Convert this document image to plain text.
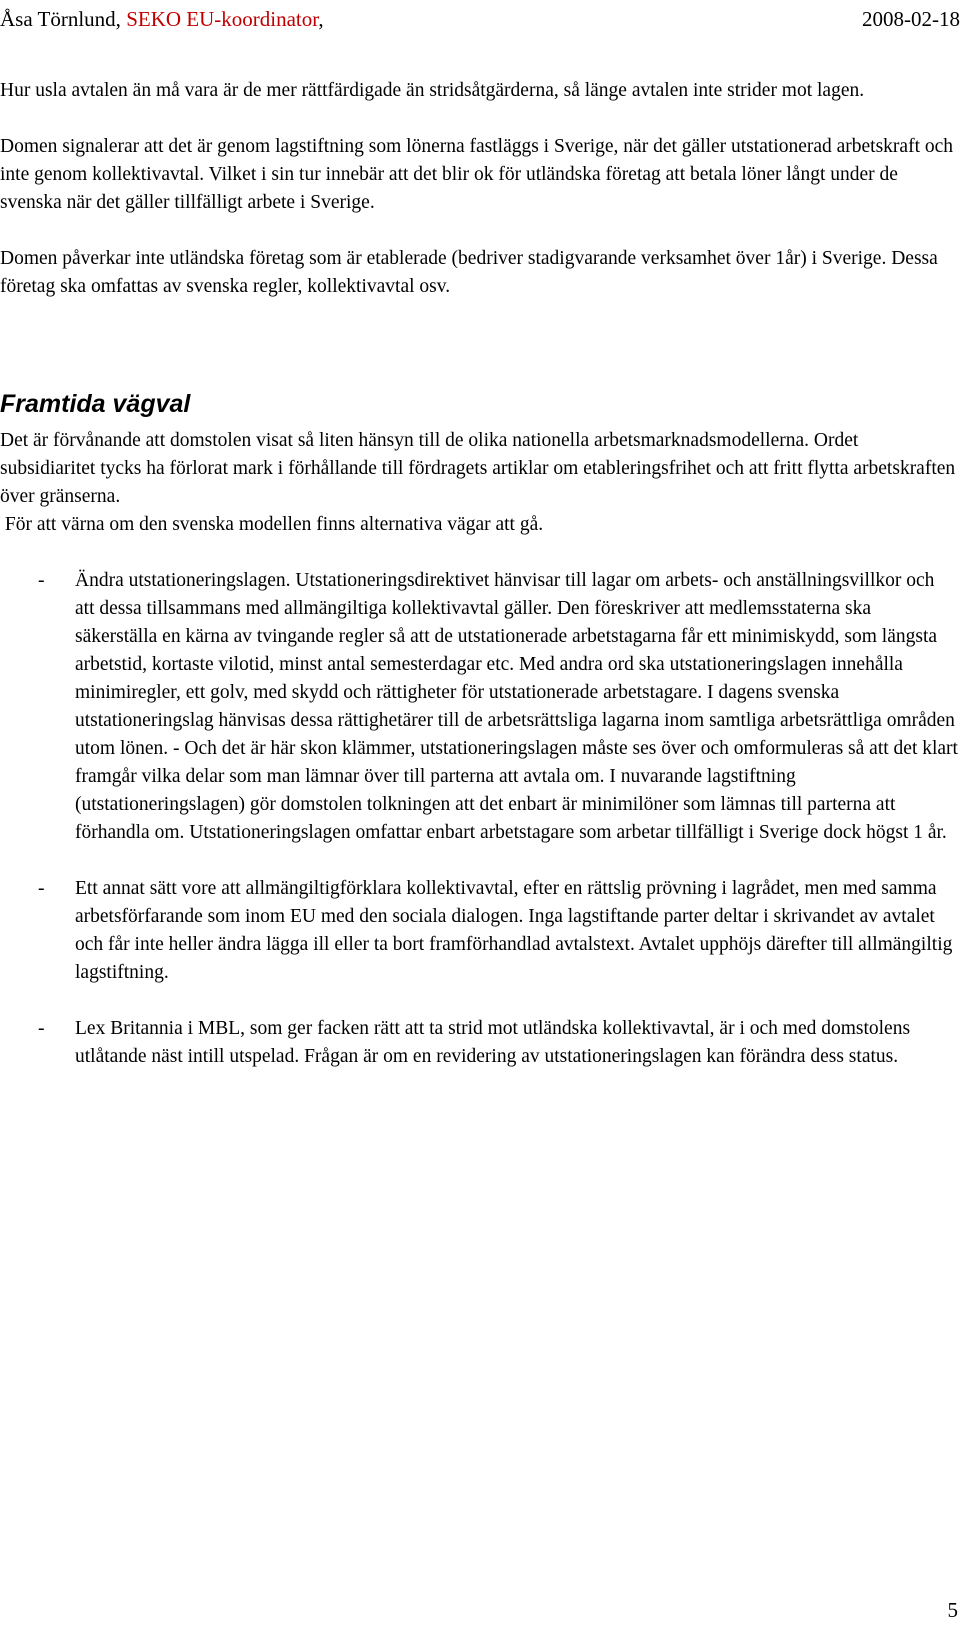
Åsa Törnlund, SEKO EU-koordinator,	2008-02-18

Hur usla avtalen än må vara är de mer rättfärdigade än stridsåtgärderna, så länge avtalen inte strider mot lagen.

Domen signalerar att det är genom lagstiftning som lönerna fastläggs i Sverige, när det gäller utstationerad arbetskraft och inte genom kollektivavtal. Vilket i sin tur innebär att det blir ok för utländska företag att betala löner långt under de svenska när det gäller tillfälligt arbete i Sverige.

Domen påverkar inte utländska företag som är etablerade (bedriver stadigvarande verksamhet över 1år) i Sverige. Dessa företag ska omfattas av svenska regler, kollektivavtal osv.

Framtida vägval

Det är förvånande att domstolen visat så liten hänsyn till de olika nationella arbetsmarknadsmodellerna. Ordet subsidiaritet tycks ha förlorat mark i förhållande till fördragets artiklar om etableringsfrihet och att fritt flytta arbetskraften över gränserna.

För att värna om den svenska modellen finns alternativa vägar att gå.

-	Ändra utstationeringslagen. Utstationeringsdirektivet hänvisar till lagar om arbets- och anställningsvillkor och att dessa tillsammans med allmängiltiga kollektivavtal gäller. Den föreskriver att medlemsstaterna ska säkerställa en kärna av tvingande regler så att de utstationerade arbetstagarna får ett minimiskydd, som längsta arbetstid, kortaste vilotid, minst antal semesterdagar etc. Med andra ord ska utstationeringslagen innehålla minimiregler, ett golv, med skydd och rättigheter för utstationerade arbetstagare. I dagens svenska utstationeringslag hänvisas dessa rättighetärer till de arbetsrättsliga lagarna inom samtliga arbetsrättliga områden utom lönen. - Och det är här skon klämmer, utstationeringslagen måste ses över och omformuleras så att det klart framgår vilka delar som man lämnar över till parterna att avtala om. I nuvarande lagstiftning (utstationeringslagen) gör domstolen tolkningen att det enbart är minimilöner som lämnas till parterna att förhandla om. Utstationeringslagen omfattar enbart arbetstagare som arbetar tillfälligt i Sverige dock högst 1 år.
-	Ett annat sätt vore att allmängiltigförklara kollektivavtal, efter en rättslig prövning i lagrådet, men med samma arbetsförfarande som inom EU med den sociala dialogen. Inga lagstiftande parter deltar i skrivandet av avtalet och får inte heller ändra lägga ill eller ta bort framförhandlad avtalstext. Avtalet upphöjs därefter till allmängiltig lagstiftning.
-	Lex Britannia i MBL, som ger facken rätt att ta strid mot utländska kollektivavtal, är i och med domstolens utlåtande näst intill utspelad. Frågan är om en revidering av utstationeringslagen kan förändra dess status.
5
